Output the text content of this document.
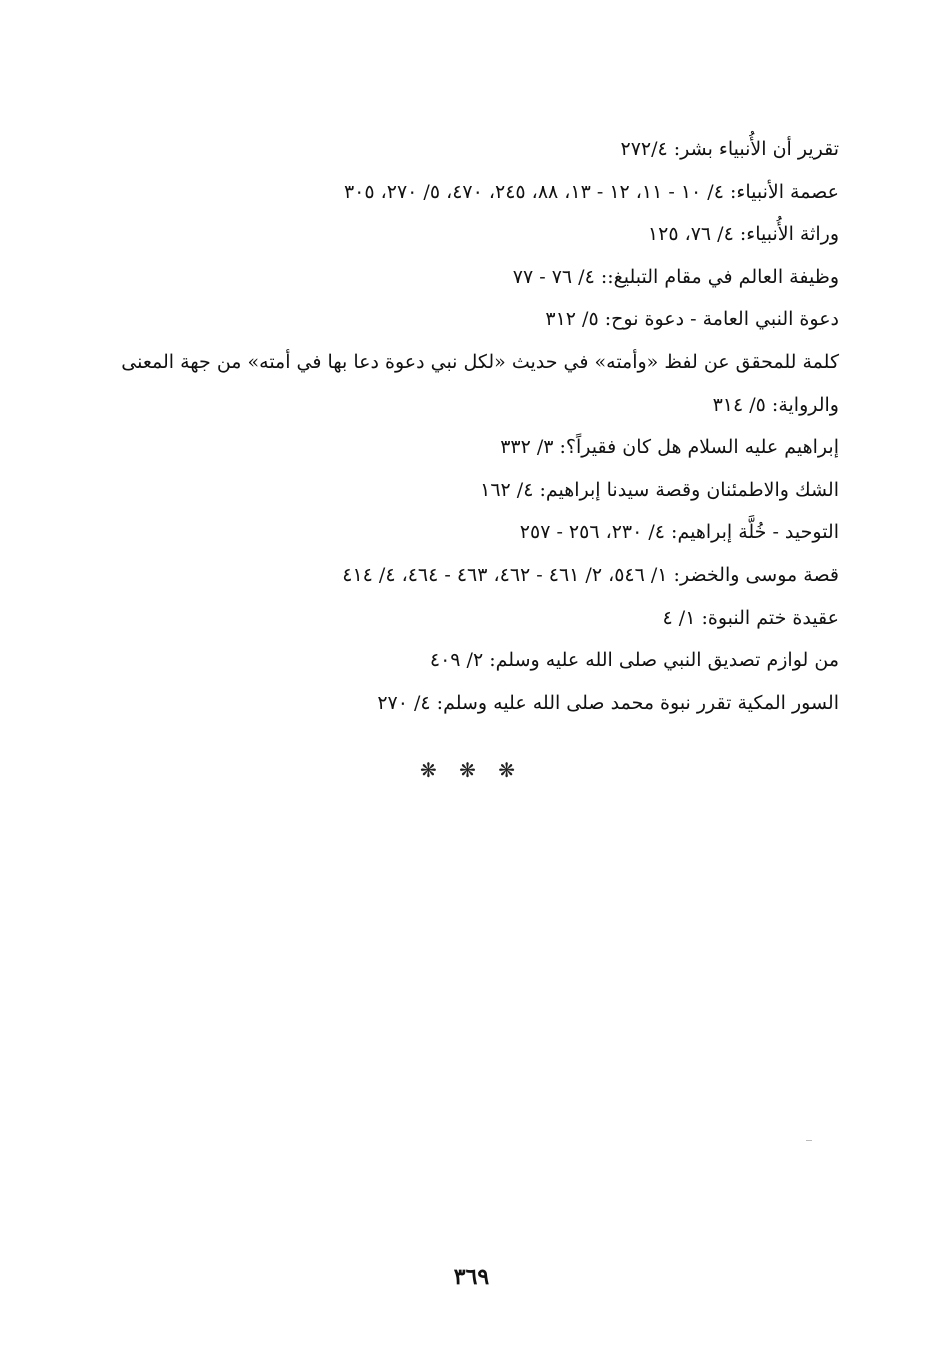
تقرير أن الأُنبياء بشر: ٢٧٢/٤
عصمة الأنبياء: ٤/ ١٠ - ١١، ١٢ - ١٣، ٨٨، ٢٤٥، ٤٧٠، ٥/ ٢٧٠، ٣٠٥
وراثة الأُنبياء: ٤/ ٧٦، ١٢٥
وظيفة العالم في مقام التبليغ:: ٤/ ٧٦ - ٧٧
دعوة النبي العامة - دعوة نوح: ٥/ ٣١٢
كلمة للمحقق عن لفظ «وأمته» في حديث «لكل نبي دعوة دعا بها في أمته» من جهة المعنى والرواية: ٥/ ٣١٤
إبراهيم عليه السلام هل كان فقيراً؟: ٣/ ٣٣٢
الشك والاطمئنان وقصة سيدنا إبراهيم: ٤/ ١٦٢
التوحيد - خُلَّة إبراهيم: ٤/ ٢٣٠، ٢٥٦ - ٢٥٧
قصة موسى والخضر: ١/ ٥٤٦، ٢/ ٤٦١ - ٤٦٢، ٤٦٣ - ٤٦٤، ٤/ ٤١٤
عقيدة ختم النبوة: ١/ ٤
من لوازم تصديق النبي صلى الله عليه وسلم: ٢/ ٤٠٩
السور المكية تقرر نبوة محمد صلى الله عليه وسلم: ٤/ ٢٧٠
❋ ❋ ❋
٣٦٩
